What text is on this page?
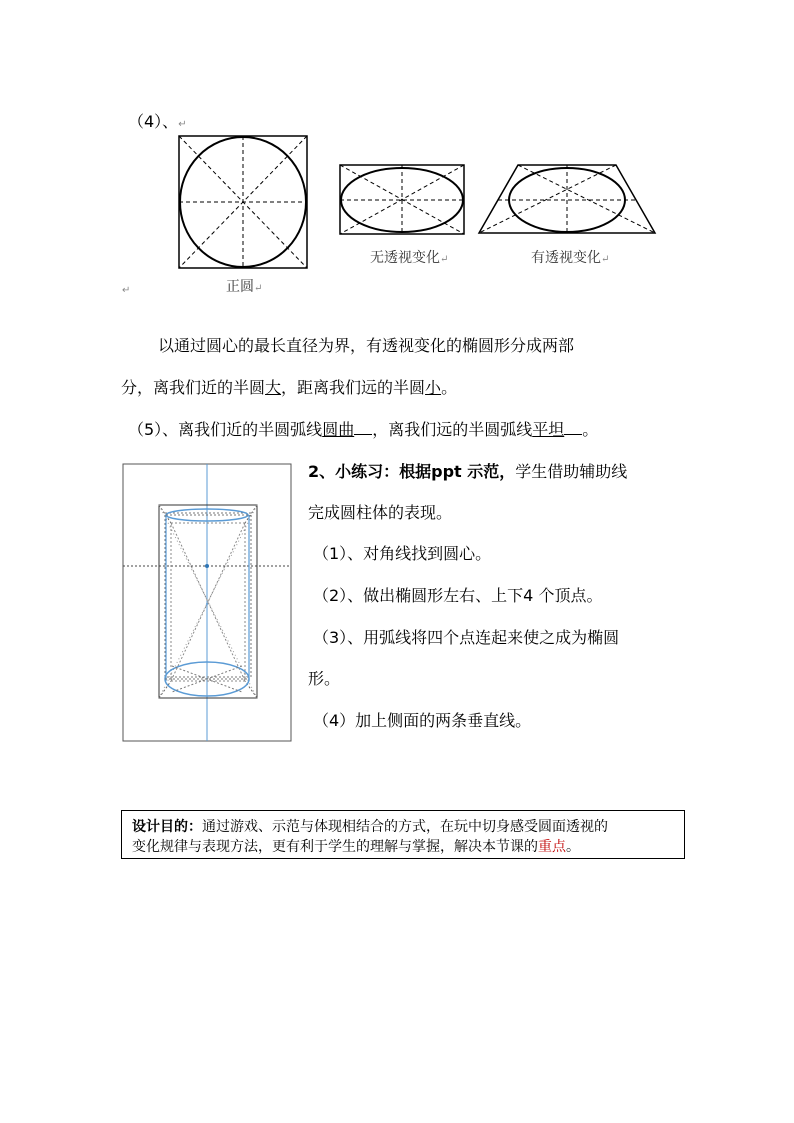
（4）、↵
正圆↵
↵
无透视变化↵	有透视变化↵
以通过圆心的最长直径为界，有透视变化的椭圆形分成两部
分，离我们近的半圆大，距离我们远的半圆小。
（5）、离我们近的半圆弧线圆曲 ，离我们远的半圆弧线平坦 。
2、小练习：根据ppt 示范，学生借助辅助线
完成圆柱体的表现。
（1）、对角线找到圆心。
（2）、做出椭圆形左右、上下4 个顶点。
（3）、用弧线将四个点连起来使之成为椭圆
形。
（4）加上侧面的两条垂直线。
设计目的：通过游戏、示范与体现相结合的方式，在玩中切身感受圆面透视的
变化规律与表现方法，更有利于学生的理解与掌握，解决本节课的重点。
